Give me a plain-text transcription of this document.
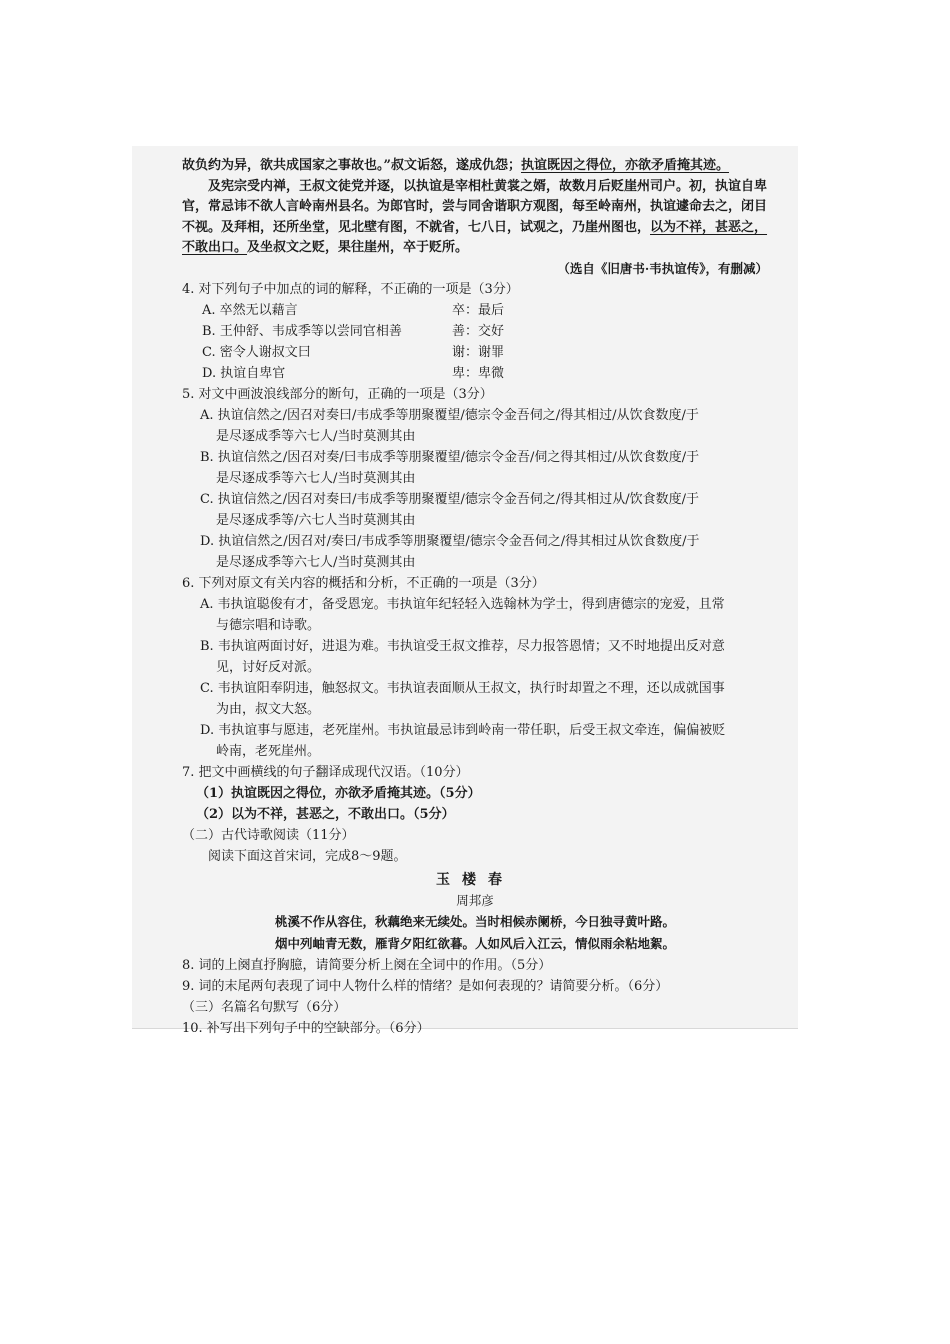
故负约为异，欲共成国家之事故也。”叔文诟怒，遂成仇怨；执谊既因之得位，亦欲矛盾掩其迹。

及宪宗受内禅，王叔文徒党并逐，以执谊是宰相杜黄裳之婿，故数月后贬崖州司户。初，执谊自卑官，常忌讳不欲人言岭南州县名。为郎官时，尝与同舍谐职方观图，每至岭南州，执谊遽命去之，闭目不视。及拜相，还所坐堂，见北壁有图，不就省，七八日，试观之，乃崖州图也，以为不祥，甚恶之，不敢出口。及坐叔文之贬，果往崖州，卒于贬所。

（选自《旧唐书·韦执谊传》，有删减）

4. 对下列句子中加点的词的解释，不正确的一项是（3分）

A. 卒然无以藉言	卒：最后
B. 王仲舒、韦成季等以尝同官相善	善：交好
C. 密令人谢叔文曰	谢：谢罪
D. 执谊自卑官	卑：卑微

5. 对文中画波浪线部分的断句，正确的一项是（3分）

A. 执谊信然之/因召对奏曰/韦成季等朋聚覆望/德宗令金吾伺之/得其相过/从饮食数度/于

是尽逐成季等六七人/当时莫测其由

B. 执谊信然之/因召对奏/曰韦成季等朋聚覆望/德宗令金吾/伺之得其相过/从饮食数度/于

是尽逐成季等六七人/当时莫测其由

C. 执谊信然之/因召对奏曰/韦成季等朋聚覆望/德宗令金吾伺之/得其相过从/饮食数度/于

是尽逐成季等/六七人当时莫测其由

D. 执谊信然之/因召对/奏曰/韦成季等朋聚覆望/德宗令金吾伺之/得其相过从饮食数度/于

是尽逐成季等六七人/当时莫测其由

6. 下列对原文有关内容的概括和分析，不正确的一项是（3分）

A. 韦执谊聪俊有才，备受恩宠。韦执谊年纪轻轻入选翰林为学士，得到唐德宗的宠爱，且常

与德宗唱和诗歌。

B. 韦执谊两面讨好，进退为难。韦执谊受王叔文推荐，尽力报答恩情；又不时地提出反对意

见，讨好反对派。

C. 韦执谊阳奉阴违，触怒叔文。韦执谊表面顺从王叔文，执行时却置之不理，还以成就国事

为由，叔文大怒。

D. 韦执谊事与愿违，老死崖州。韦执谊最忌讳到岭南一带任职，后受王叔文牵连，偏偏被贬

岭南，老死崖州。

7. 把文中画横线的句子翻译成现代汉语。（10分）

（1）执谊既因之得位，亦欲矛盾掩其迹。（5分）

（2）以为不祥，甚恶之，不敢出口。（5分）

（二）古代诗歌阅读（11分）

阅读下面这首宋词，完成8～9题。

玉楼春

周邦彦

桃溪不作从容住，秋藕绝来无续处。当时相候赤阑桥，今日独寻黄叶路。

烟中列岫青无数，雁背夕阳红欲暮。人如风后入江云，情似雨余粘地絮。

8. 词的上阕直抒胸臆，请简要分析上阕在全词中的作用。（5分）

9. 词的末尾两句表现了词中人物什么样的情绪？是如何表现的？请简要分析。（6分）

（三）名篇名句默写（6分）

10. 补写出下列句子中的空缺部分。（6分）
